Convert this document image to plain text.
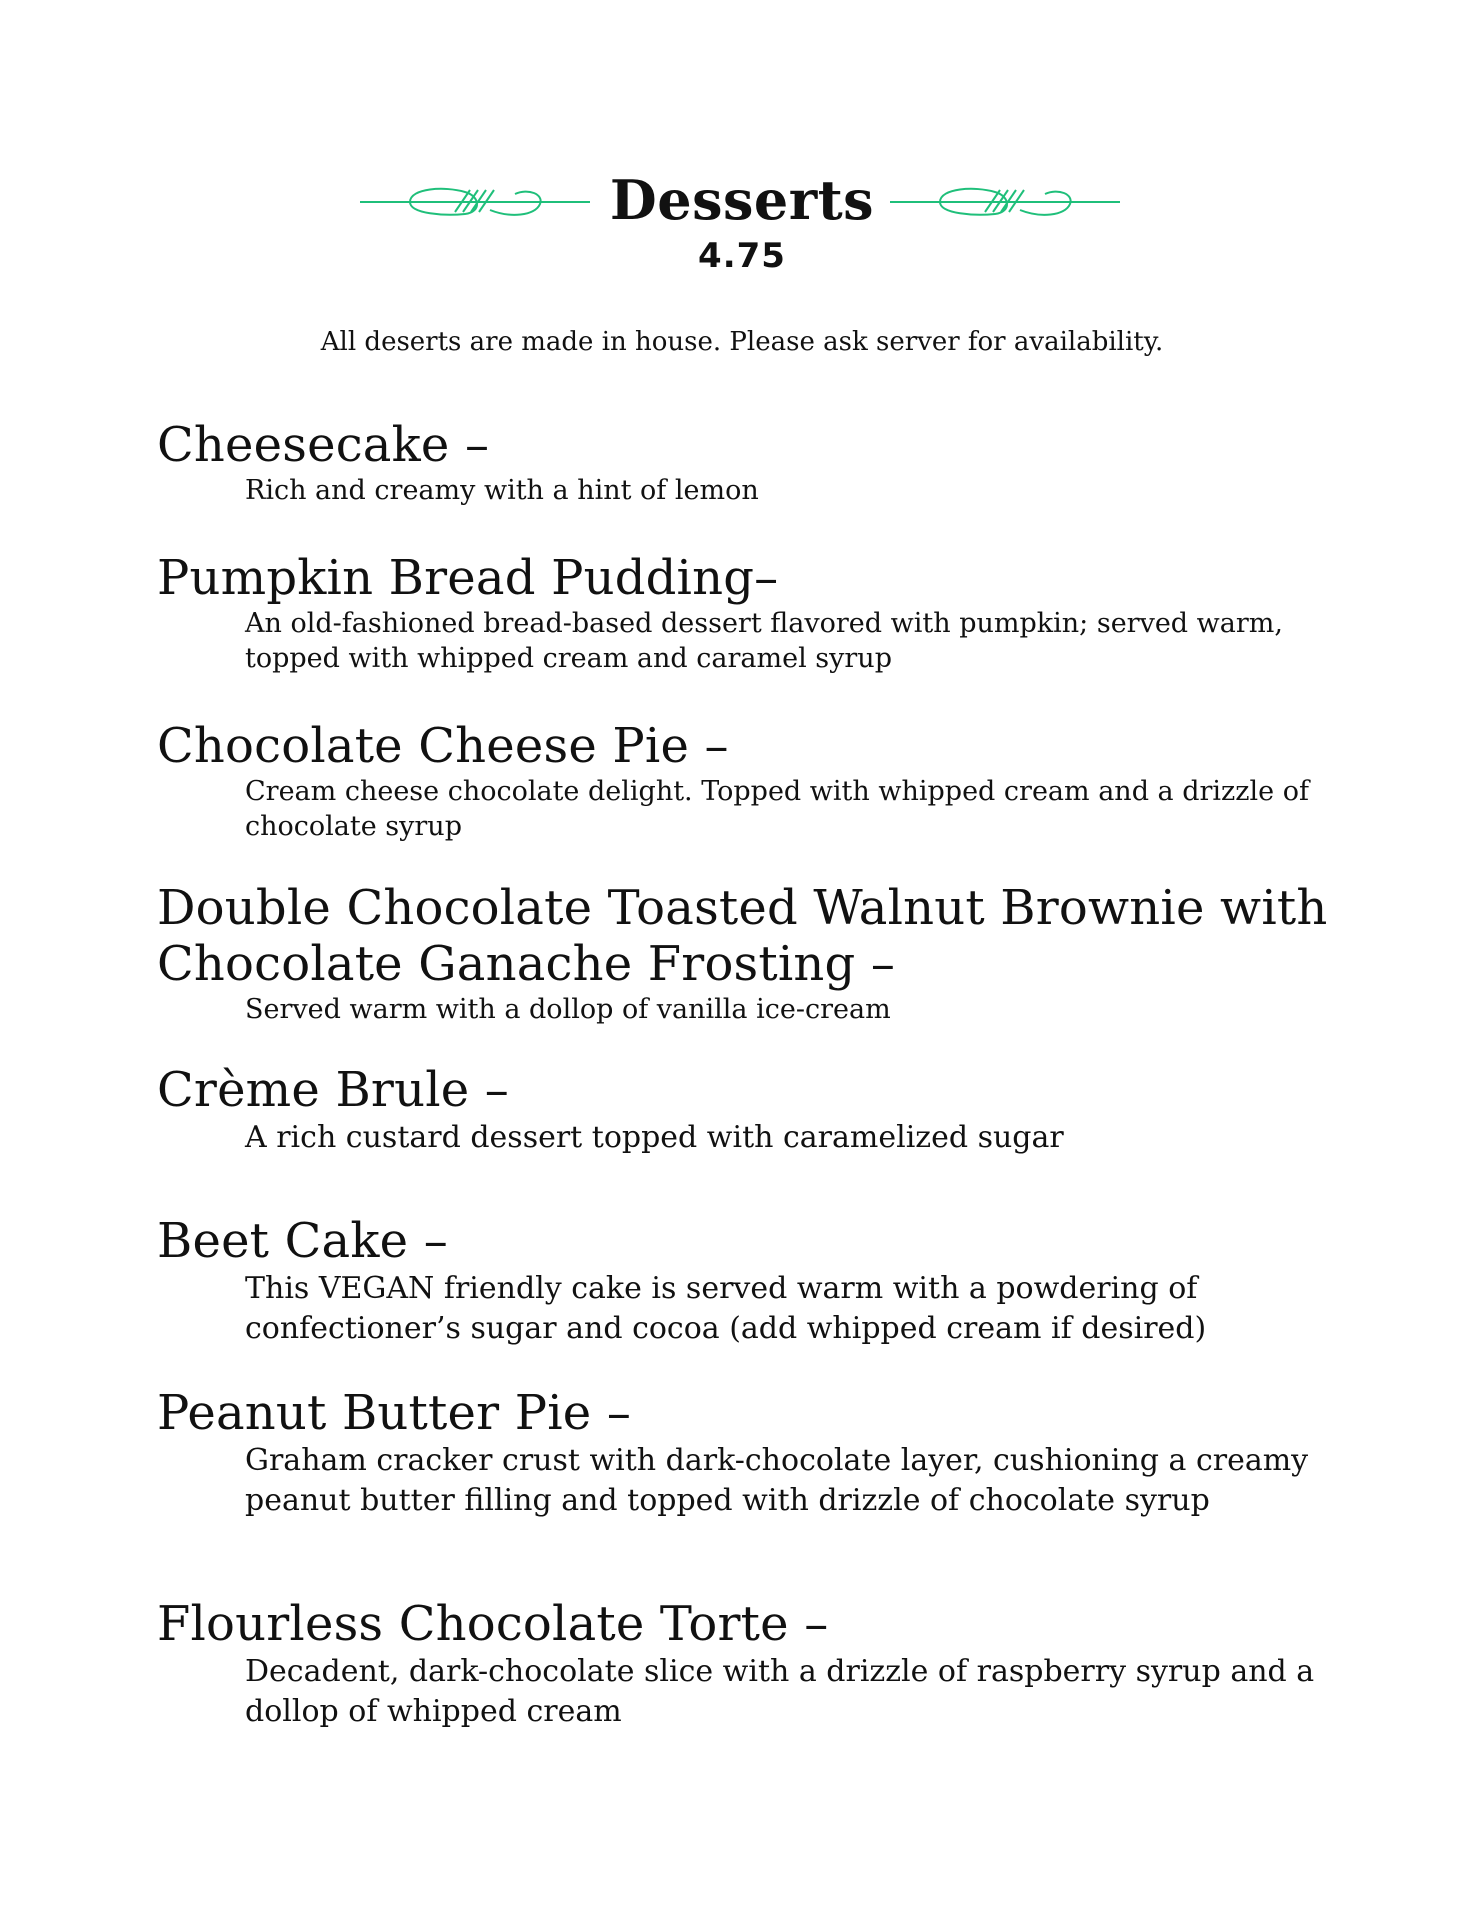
Desserts
4.75
All deserts are made in house. Please ask server for availability.
Cheesecake –

Rich and creamy with a hint of lemon

Pumpkin Bread Pudding–

An old-fashioned bread-based dessert flavored with pumpkin; served warm, topped with whipped cream and caramel syrup

Chocolate Cheese Pie –

Cream cheese chocolate delight. Topped with whipped cream and a drizzle of chocolate syrup

Double Chocolate Toasted Walnut Brownie with Chocolate Ganache Frosting –

Served warm with a dollop of vanilla ice-cream

Crème Brule –

A rich custard dessert topped with caramelized sugar

Beet Cake –

This VEGAN friendly cake is served warm with a powdering of confectioner’s sugar and cocoa (add whipped cream if desired)

Peanut Butter Pie –

Graham cracker crust with dark-chocolate layer, cushioning a creamy peanut butter filling and topped with drizzle of chocolate syrup

Flourless Chocolate Torte –

Decadent, dark-chocolate slice with a drizzle of raspberry syrup and a dollop of whipped cream
